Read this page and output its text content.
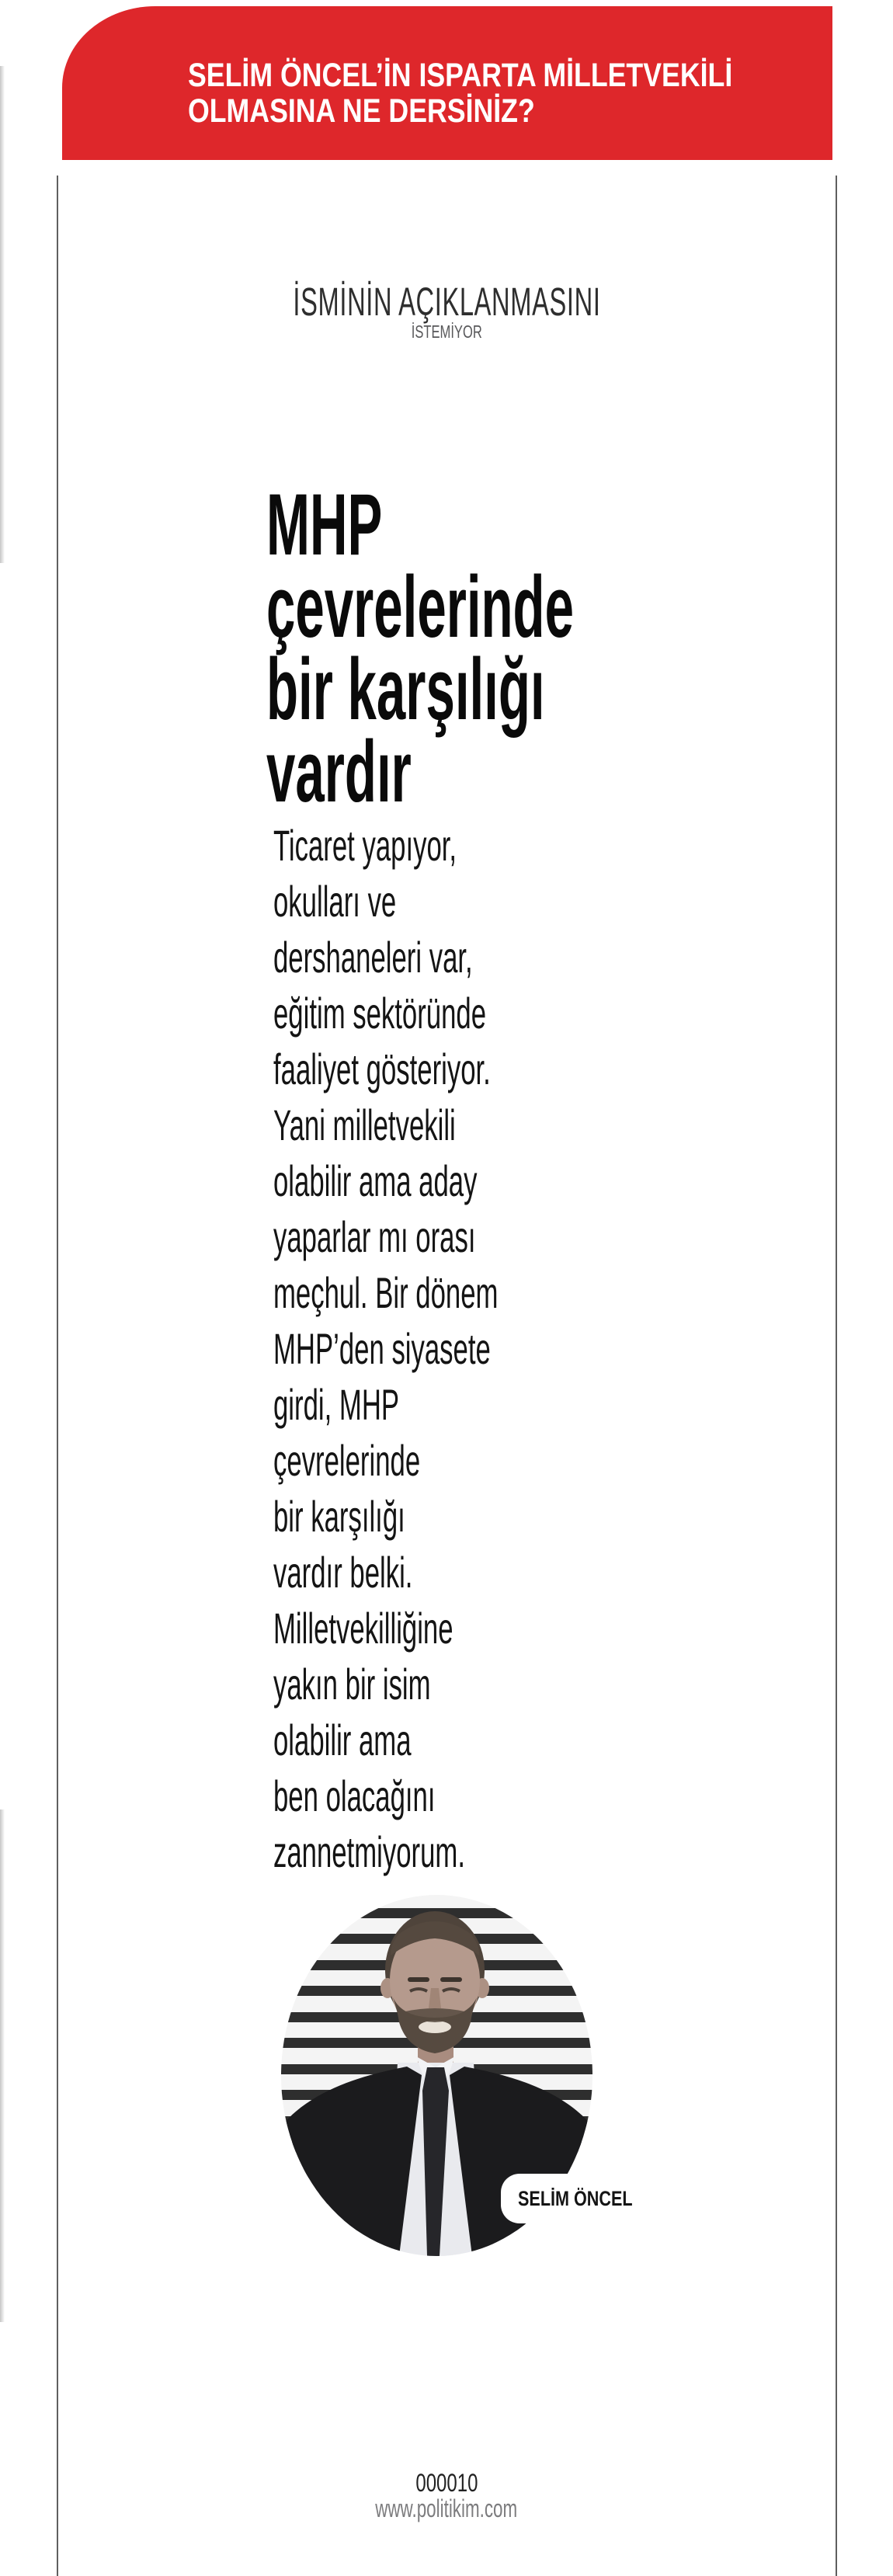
SELİM ÖNCEL’İN ISPARTA MİLLETVEKİLİ
OLMASINA NE DERSİNİZ?
İSMİNİN AÇIKLANMASINI
İSTEMİYOR
MHP
çevrelerinde
bir karşılığı
vardır
Ticaret yapıyor,
okulları ve
dershaneleri var,
eğitim sektöründe
faaliyet gösteriyor.
Yani milletvekili
olabilir ama aday
yaparlar mı orası
meçhul. Bir dönem
MHP’den siyasete
girdi, MHP
çevrelerinde
bir karşılığı
vardır belki.
Milletvekilliğine
yakın bir isim
olabilir ama
ben olacağını
zannetmiyorum.
SELİM ÖNCEL
000010
www.politikim.com
